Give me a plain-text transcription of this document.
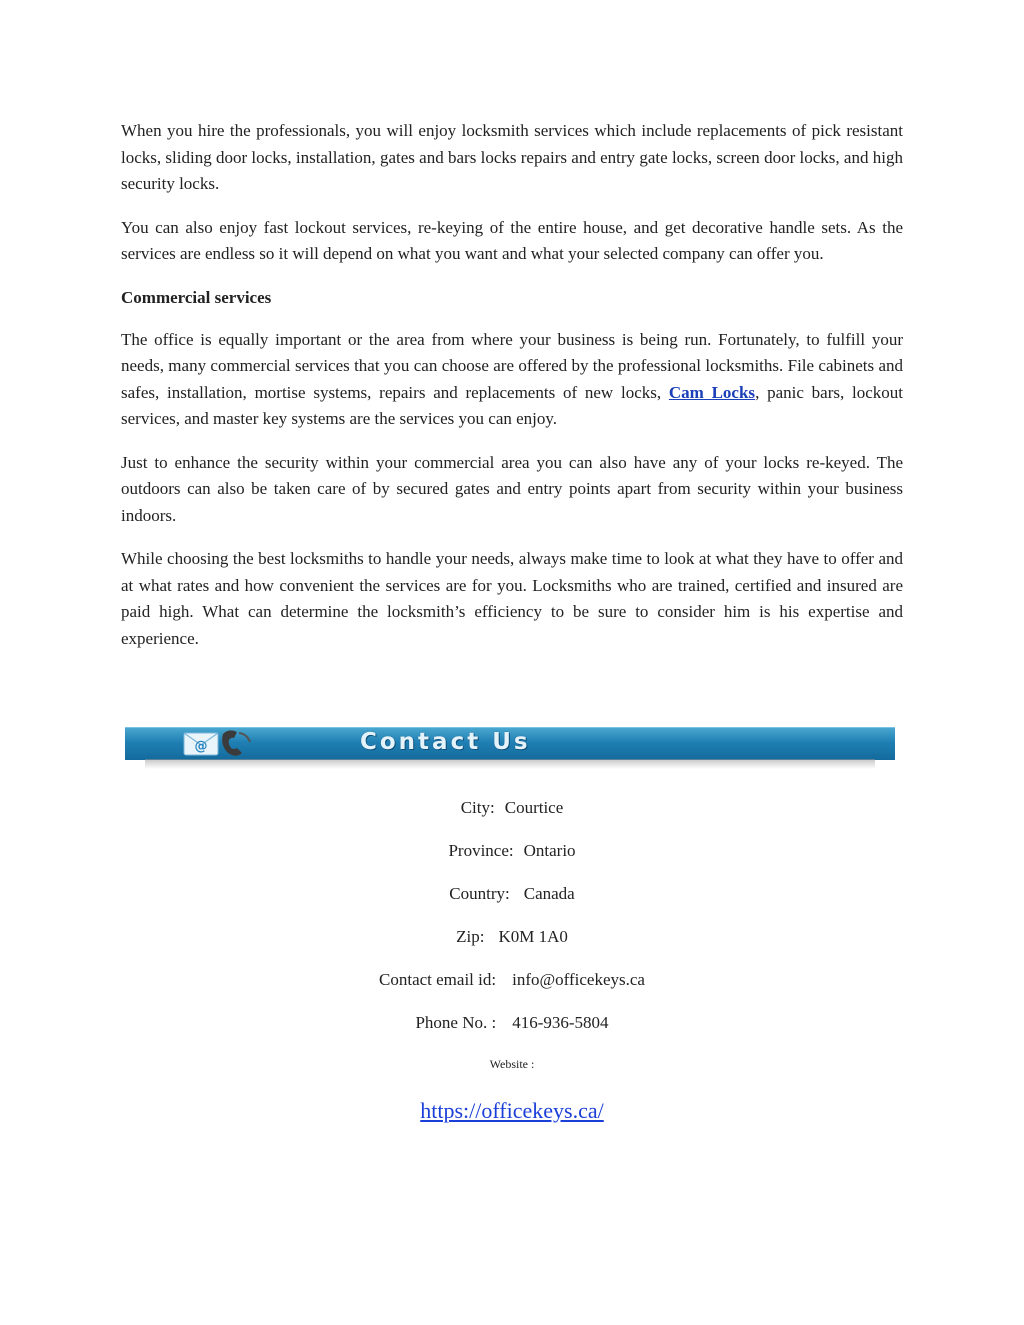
When you hire the professionals, you will enjoy locksmith services which include replacements of pick resistant locks, sliding door locks, installation, gates and bars locks repairs and entry gate locks, screen door locks, and high security locks.

You can also enjoy fast lockout services, re-keying of the entire house, and get decorative handle sets. As the services are endless so it will depend on what you want and what your selected company can offer you.

Commercial services

The office is equally important or the area from where your business is being run. Fortunately, to fulfill your needs, many commercial services that you can choose are offered by the professional locksmiths. File cabinets and safes, installation, mortise systems, repairs and replacements of new locks, Cam Locks, panic bars, lockout services, and master key systems are the services you can enjoy.

Just to enhance the security within your commercial area you can also have any of your locks re-keyed. The outdoors can also be taken care of by secured gates and entry points apart from security within your business indoors.

While choosing the best locksmiths to handle your needs, always make time to look at what they have to offer and at what rates and how convenient the services are for you. Locksmiths who are trained, certified and insured are paid high. What can determine the locksmith’s efficiency to be sure to consider him is his expertise and experience.

@	Contact Us
City: Courtice
Province: Ontario
Country: Canada
Zip: K0M 1A0
Contact email id: info@officekeys.ca
Phone No. : 416-936-5804
Website :
https://officekeys.ca/
